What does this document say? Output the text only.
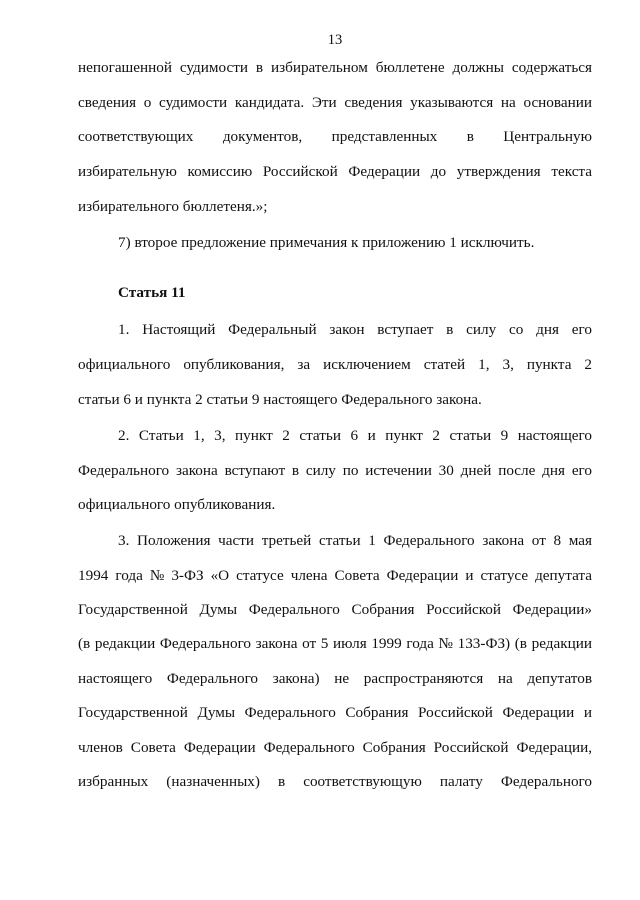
13
непогашенной судимости в избирательном бюллетене должны содержаться
сведения о судимости кандидата. Эти сведения указываются на основании
соответствующих документов, представленных в Центральную
избирательную комиссию Российской Федерации до утверждения текста
избирательного бюллетеня.»;
7) второе предложение примечания к приложению 1 исключить.
Статья 11
1. Настоящий Федеральный закон вступает в силу со дня его
официального опубликования, за исключением статей 1, 3, пункта 2
статьи 6 и пункта 2 статьи 9 настоящего Федерального закона.
2. Статьи 1, 3, пункт 2 статьи 6 и пункт 2 статьи 9 настоящего
Федерального закона вступают в силу по истечении 30 дней после дня его
официального опубликования.
3. Положения части третьей статьи 1 Федерального закона от 8 мая
1994 года № 3-ФЗ «О статусе члена Совета Федерации и статусе депутата
Государственной Думы Федерального Собрания Российской Федерации»
(в редакции Федерального закона от 5 июля 1999 года № 133-ФЗ) (в редакции
настоящего Федерального закона) не распространяются на депутатов
Государственной Думы Федерального Собрания Российской Федерации и
членов Совета Федерации Федерального Собрания Российской Федерации,
избранных (назначенных) в соответствующую палату Федерального
